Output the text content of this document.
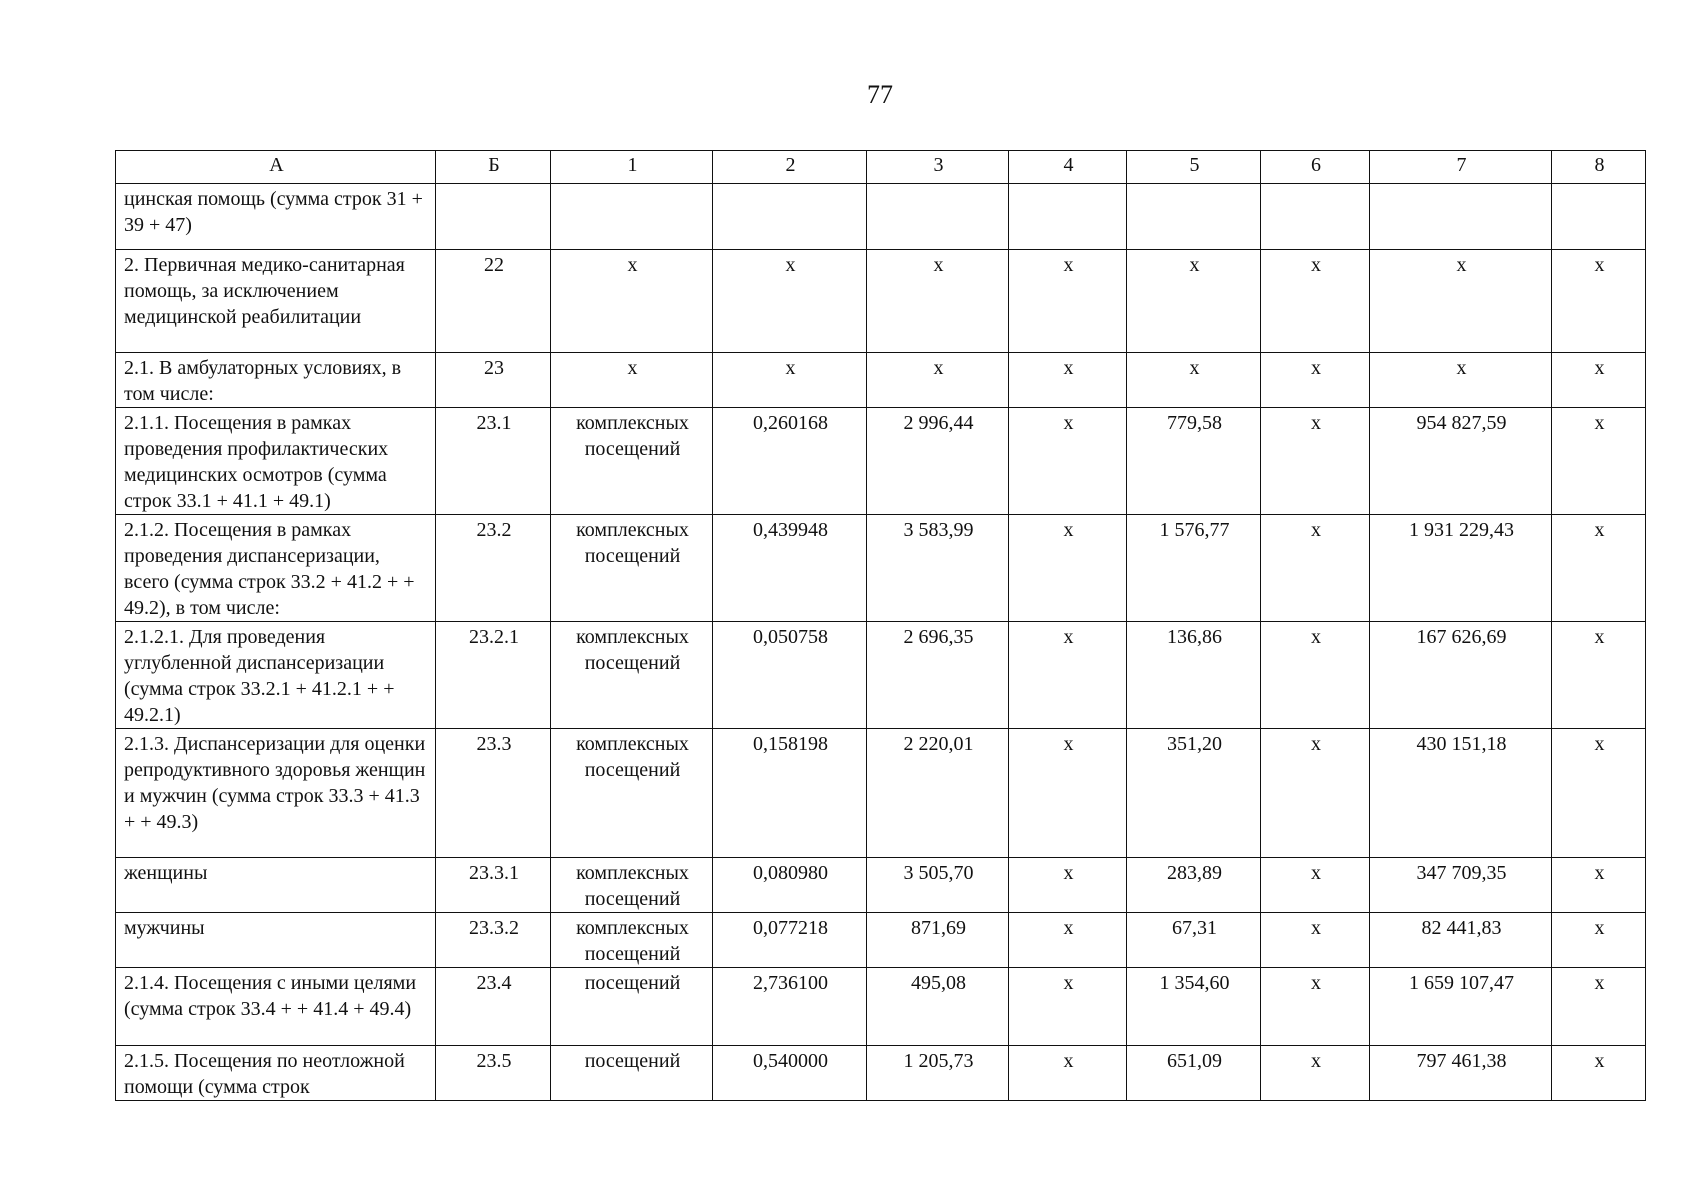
77
А	Б	1	2	3	4	5	6	7	8
цинская помощь (сумма строк 31 + 39 + 47)									
2. Первичная медико-санитарная помощь, за исключением медицинской реабилитации	22	х	х	х	х	х	х	х	х
2.1. В амбулаторных условиях, в том числе:	23	х	х	х	х	х	х	х	х
2.1.1. Посещения в рамках проведения профилактических медицинских осмотров (сумма строк 33.1 + 41.1 + 49.1)	23.1	комплексных посещений	0,260168	2 996,44	х	779,58	х	954 827,59	х
2.1.2. Посещения в рамках проведения диспансеризации, всего (сумма строк 33.2 + 41.2 + + 49.2), в том числе:	23.2	комплексных посещений	0,439948	3 583,99	х	1 576,77	х	1 931 229,43	х
2.1.2.1. Для проведения углубленной диспансеризации (сумма строк 33.2.1 + 41.2.1 + + 49.2.1)	23.2.1	комплексных посещений	0,050758	2 696,35	х	136,86	х	167 626,69	х
2.1.3. Диспансеризации для оценки репродуктивного здоровья женщин и мужчин (сумма строк 33.3 + 41.3 + + 49.3)	23.3	комплексных посещений	0,158198	2 220,01	х	351,20	х	430 151,18	х
женщины	23.3.1	комплексных посещений	0,080980	3 505,70	х	283,89	х	347 709,35	х
мужчины	23.3.2	комплексных посещений	0,077218	871,69	х	67,31	х	82 441,83	х
2.1.4. Посещения с иными целями (сумма строк 33.4 + + 41.4 + 49.4)	23.4	посещений	2,736100	495,08	х	1 354,60	х	1 659 107,47	х
2.1.5. Посещения по неотложной помощи (сумма строк	23.5	посещений	0,540000	1 205,73	х	651,09	х	797 461,38	х
